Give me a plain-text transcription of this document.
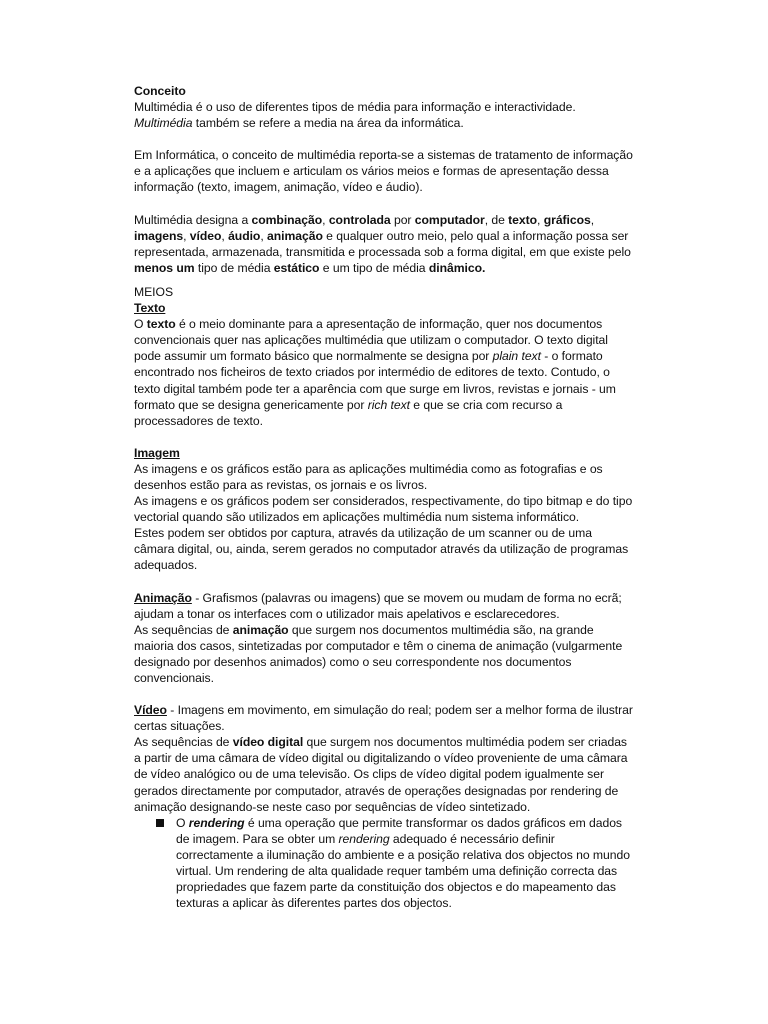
Conceito

Multimédia é o uso de diferentes tipos de média para informação e interactividade.

Multimédia também se refere a media na área da informática.

Em Informática, o conceito de multimédia reporta-se a sistemas de tratamento de informação e a aplicações que incluem e articulam os vários meios e formas de apresentação dessa informação (texto, imagem, animação, vídeo e áudio).

Multimédia designa a combinação, controlada por computador, de texto, gráficos, imagens, vídeo, áudio, animação e qualquer outro meio, pelo qual a informação possa ser representada, armazenada, transmitida e processada sob a forma digital, em que existe pelo menos um tipo de média estático e um tipo de média dinâmico.

MEIOS

Texto

O texto é o meio dominante para a apresentação de informação, quer nos documentos convencionais quer nas aplicações multimédia que utilizam o computador. O texto digital pode assumir um formato básico que normalmente se designa por plain text - o formato encontrado nos ficheiros de texto criados por intermédio de editores de texto. Contudo, o texto digital também pode ter a aparência com que surge em livros, revistas e jornais - um formato que se designa genericamente por rich text e que se cria com recurso a processadores de texto.

Imagem

As imagens e os gráficos estão para as aplicações multimédia como as fotografias e os desenhos estão para as revistas, os jornais e os livros.

As imagens e os gráficos podem ser considerados, respectivamente, do tipo bitmap e do tipo vectorial quando são utilizados em aplicações multimédia num sistema informático.

Estes podem ser obtidos por captura, através da utilização de um scanner ou de uma câmara digital, ou, ainda, serem gerados no computador através da utilização de programas adequados.

Animação - Grafismos (palavras ou imagens) que se movem ou mudam de forma no ecrã; ajudam a tonar os interfaces com o utilizador mais apelativos e esclarecedores.

As sequências de animação que surgem nos documentos multimédia são, na grande maioria dos casos, sintetizadas por computador e têm o cinema de animação (vulgarmente designado por desenhos animados) como o seu correspondente nos documentos convencionais.

Vídeo - Imagens em movimento, em simulação do real; podem ser a melhor forma de ilustrar certas situações.

As sequências de vídeo digital que surgem nos documentos multimédia podem ser criadas a partir de uma câmara de vídeo digital ou digitalizando o vídeo proveniente de uma câmara de vídeo analógico ou de uma televisão. Os clips de vídeo digital podem igualmente ser gerados directamente por computador, através de operações designadas por rendering de animação designando-se neste caso por sequências de vídeo sintetizado.

O rendering é uma operação que permite transformar os dados gráficos em dados de imagem. Para se obter um rendering adequado é necessário definir correctamente a iluminação do ambiente e a posição relativa dos objectos no mundo virtual. Um rendering de alta qualidade requer também uma definição correcta das propriedades que fazem parte da constituição dos objectos e do mapeamento das texturas a aplicar às diferentes partes dos objectos.
